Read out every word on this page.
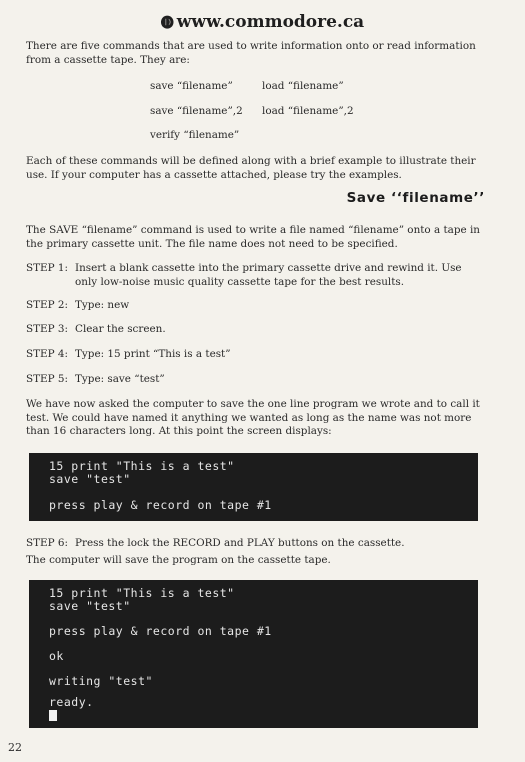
🅓 www.commodore.ca
There are five commands that are used to write information onto or read information from a cassette tape. They are:
save “filename”	load “filename”
save “filename”,2 load “filename”,2
verify “filename”
Each of these commands will be defined along with a brief example to illustrate their use. If your computer has a cassette attached, please try the examples.
Save ‘‘filename’’
The SAVE “filename” command is used to write a file named “filename” onto a tape in the primary cassette unit. The file name does not need to be specified.
STEP 1: Insert a blank cassette into the primary cassette drive and rewind it. Use only low-noise music quality cassette tape for the best results.
STEP 2: Type: new
STEP 3: Clear the screen.
STEP 4: Type: 15 print “This is a test”
STEP 5: Type: save “test”
We have now asked the computer to save the one line program we wrote and to call it test. We could have named it anything we wanted as long as the name was not more than 16 characters long. At this point the screen displays:
15 print "This is a test"
save "test"
press play & record on tape #1
STEP 6: Press the lock the RECORD and PLAY buttons on the cassette.
The computer will save the program on the cassette tape.
15 print "This is a test"
save "test"
press play & record on tape #1
ok
writing "test"
ready.
22
